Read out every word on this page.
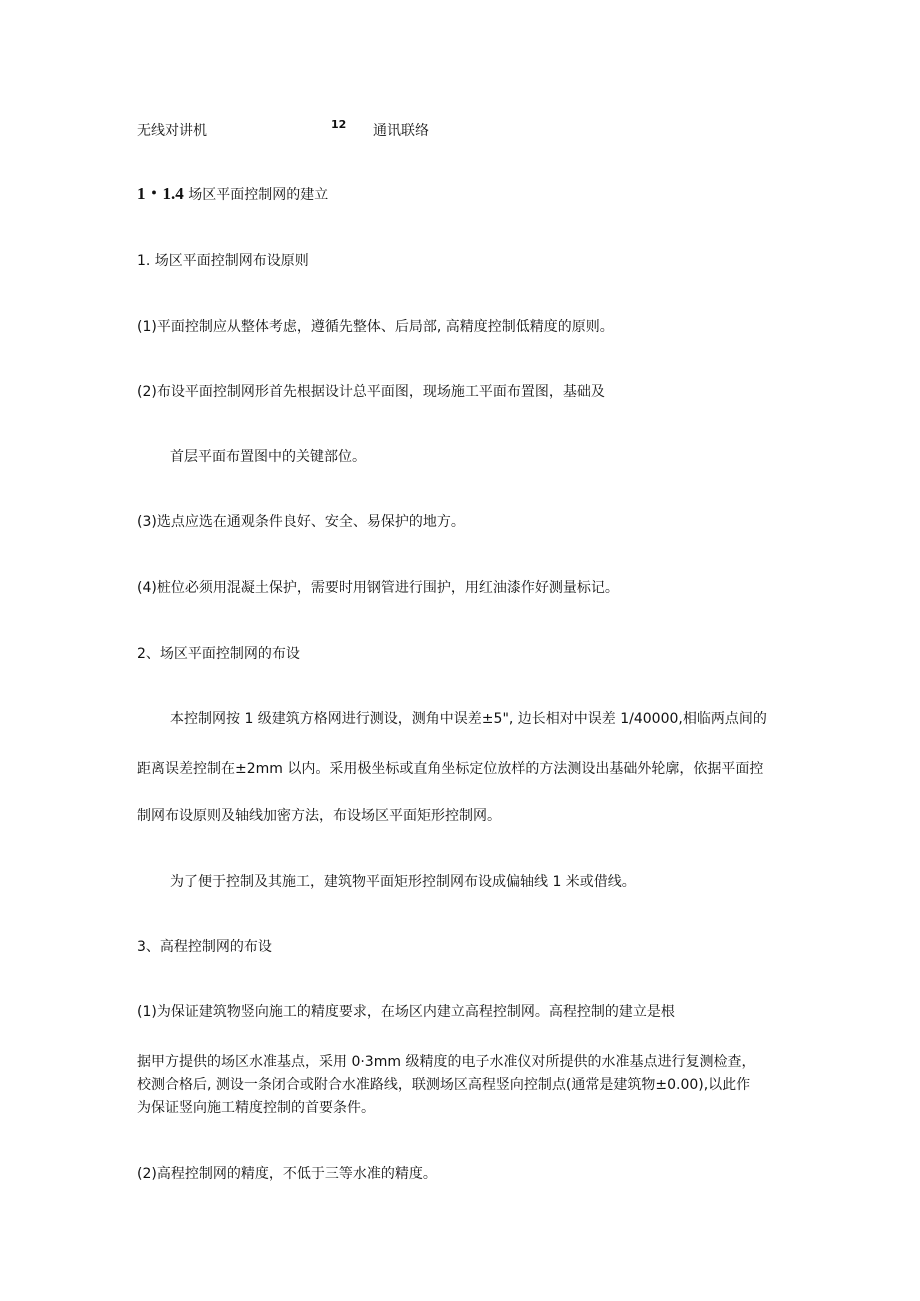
无线对讲机	12 通讯联络
1・1.4 场区平面控制网的建立
1. 场区平面控制网布设原则
(1)平面控制应从整体考虑，遵循先整体、后局部, 高精度控制低精度的原则。
(2)布设平面控制网形首先根据设计总平面图，现场施工平面布置图，基础及
首层平面布置图中的关键部位。
(3)选点应选在通观条件良好、安全、易保护的地方。
(4)桩位必须用混凝土保护，需要时用钢管进行围护，用红油漆作好测量标记。
2、场区平面控制网的布设
本控制网按 1 级建筑方格网进行测设，测角中误差±5", 边长相对中误差 1/40000,相临两点间的
距离误差控制在±2mm 以内。采用极坐标或直角坐标定位放样的方法测设出基础外轮廓，依据平面控
制网布设原则及轴线加密方法，布设场区平面矩形控制网。
为了便于控制及其施工，建筑物平面矩形控制网布设成偏轴线 1 米或借线。
3、高程控制网的布设
(1)为保证建筑物竖向施工的精度要求，在场区内建立高程控制网。高程控制的建立是根
据甲方提供的场区水准基点，采用 0·3mm 级精度的电子水准仪对所提供的水准基点进行复测检查，
校测合格后, 测设一条闭合或附合水准路线，联测场区高程竖向控制点(通常是建筑物±0.00),以此作
为保证竖向施工精度控制的首要条件。
(2)高程控制网的精度，不低于三等水准的精度。
